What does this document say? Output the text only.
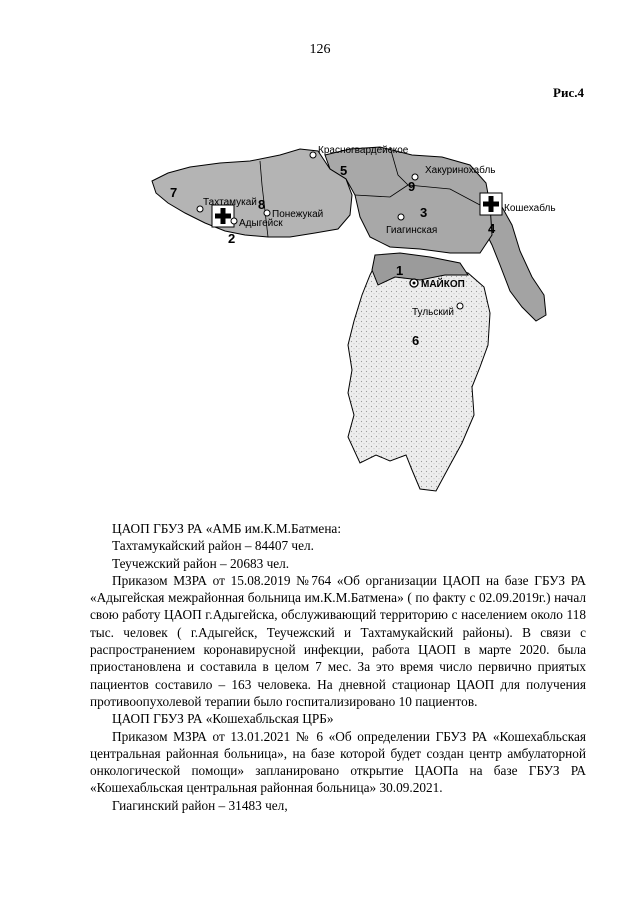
126
Рис.4
Красногвардейское
Хакуринохабль
Тахтамукай
Понежукай
Адыгейск
Кошехабль
Гиагинская
МАЙКОП
Тульский
1
2
3
4
5
6
7
8
9

ЦАОП ГБУЗ РА «АМБ им.К.М.Батмена:

Тахтамукайский район – 84407 чел.

Теучежский район – 20683 чел.

Приказом МЗРА от 15.08.2019 №764 «Об организации ЦАОП на базе ГБУЗ РА «Адыгейская межрайонная больница им.К.М.Батмена» ( по факту с 02.09.2019г.) начал свою работу ЦАОП г.Адыгейска, обслуживающий территорию с населением около 118 тыс. человек ( г.Адыгейск, Теучежский и Тахтамукайский районы). В связи с распространением коронавирусной инфекции, работа ЦАОП в марте 2020. была приостановлена и составила в целом 7 мес. За это время число первично приятых пациентов составило – 163 человека. На дневной стационар ЦАОП для получения противоопухолевой терапии было госпитализировано 10 пациентов.

ЦАОП ГБУЗ РА «Кошехабльская ЦРБ»

Приказом МЗРА от 13.01.2021 № 6 «Об определении ГБУЗ РА «Кошехабльская центральная районная больница», на базе которой будет создан центр амбулаторной онкологической помощи» запланировано открытие ЦАОПа на базе ГБУЗ РА «Кошехабльская центральная районная больница» 30.09.2021.

Гиагинский район – 31483 чел,
